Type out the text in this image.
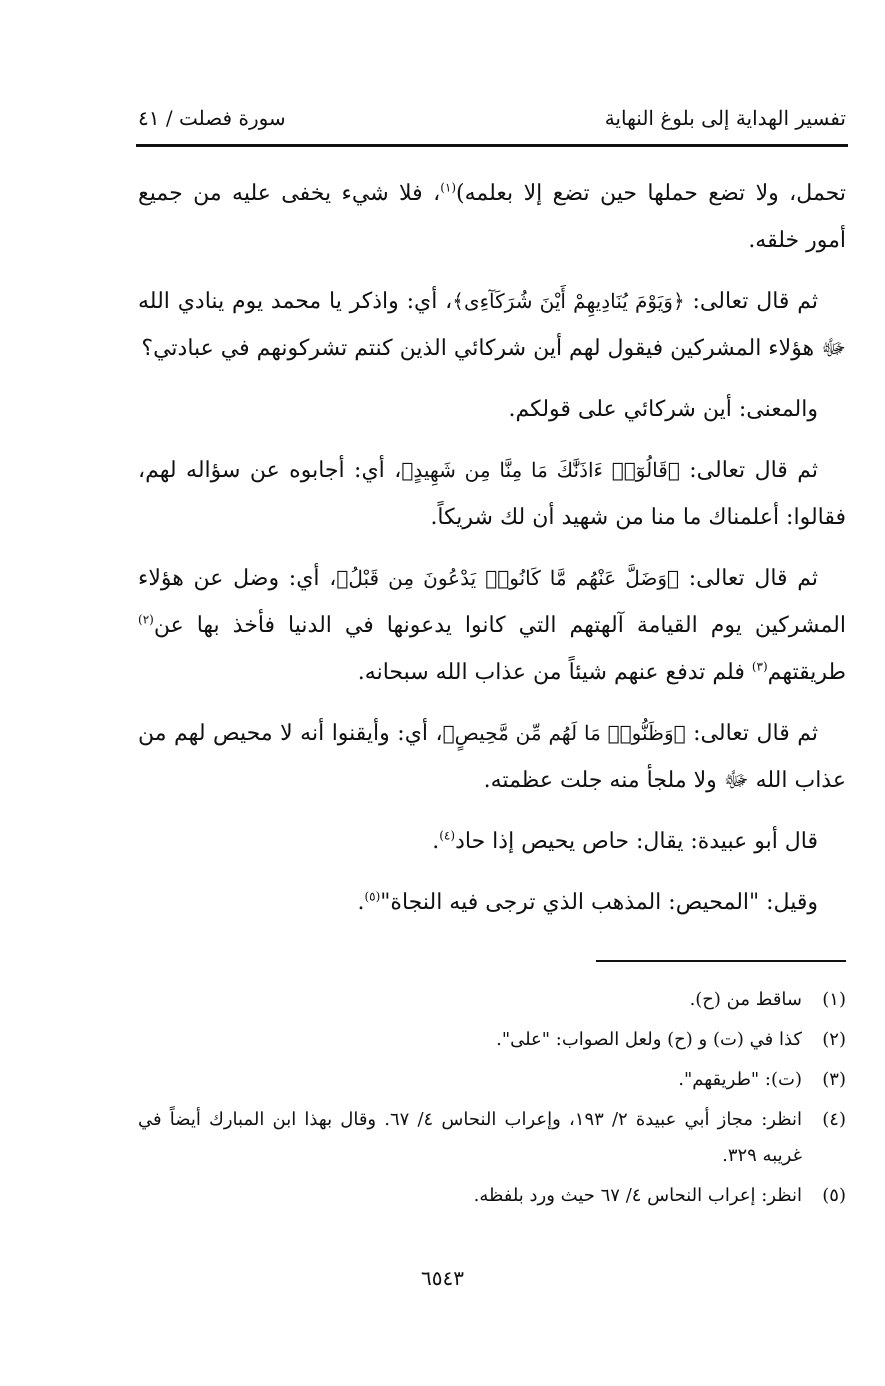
تفسير الهداية إلى بلوغ النهاية
سورة فصلت / ٤١

تحمل، ولا تضع حملها حين تضع إلا بعلمه)$^{(١)}$، فلا شيء يخفى عليه من جميع أمور خلقه.

ثم قال تعالى: ﴿وَيَوْمَ يُنَادِيهِمْ أَيْنَ شُرَكَآءِى﴾، أي: واذكر يا محمد يوم ينادي الله ﷻ هؤلاء المشركين فيقول لهم أين شركائي الذين كنتم تشركونهم في عبادتي؟

والمعنى: أين شركائي على قولكم.

ثم قال تعالى: ﴿قَالُوٓا۟ ءَاذَنَّٰكَ مَا مِنَّا مِن شَهِيدٍ﴾، أي: أجابوه عن سؤاله لهم، فقالوا: أعلمناك ما منا من شهيد أن لك شريكاً.

ثم قال تعالى: ﴿وَضَلَّ عَنْهُم مَّا كَانُوا۟ يَدْعُونَ مِن قَبْلُ﴾، أي: وضل عن هؤلاء المشركين يوم القيامة آلهتهم التي كانوا يدعونها في الدنيا فأخذ بها عن$^{(٢)}$ طريقتهم$^{(٣)}$ فلم تدفع عنهم شيئاً من عذاب الله سبحانه.

ثم قال تعالى: ﴿وَظَنُّوا۟ مَا لَهُم مِّن مَّحِيصٍ﴾، أي: وأيقنوا أنه لا محيص لهم من عذاب الله ﷻ ولا ملجأ منه جلت عظمته.

قال أبو عبيدة: يقال: حاص يحيص إذا حاد$^{(٤)}$.

وقيل: "المحيص: المذهب الذي ترجى فيه النجاة"$^{(٥)}$.

(١)
ساقط من (ح).
(٢)
كذا في (ت) و (ح) ولعل الصواب: "على".
(٣)
(ت): "طريقهم".
(٤)
انظر: مجاز أبي عبيدة ٢/ ١٩٣، وإعراب النحاس ٤/ ٦٧. وقال بهذا ابن المبارك أيضاً في غريبه ٣٢٩.
(٥)
انظر: إعراب النحاس ٤/ ٦٧ حيث ورد بلفظه.
٦٥٤٣
